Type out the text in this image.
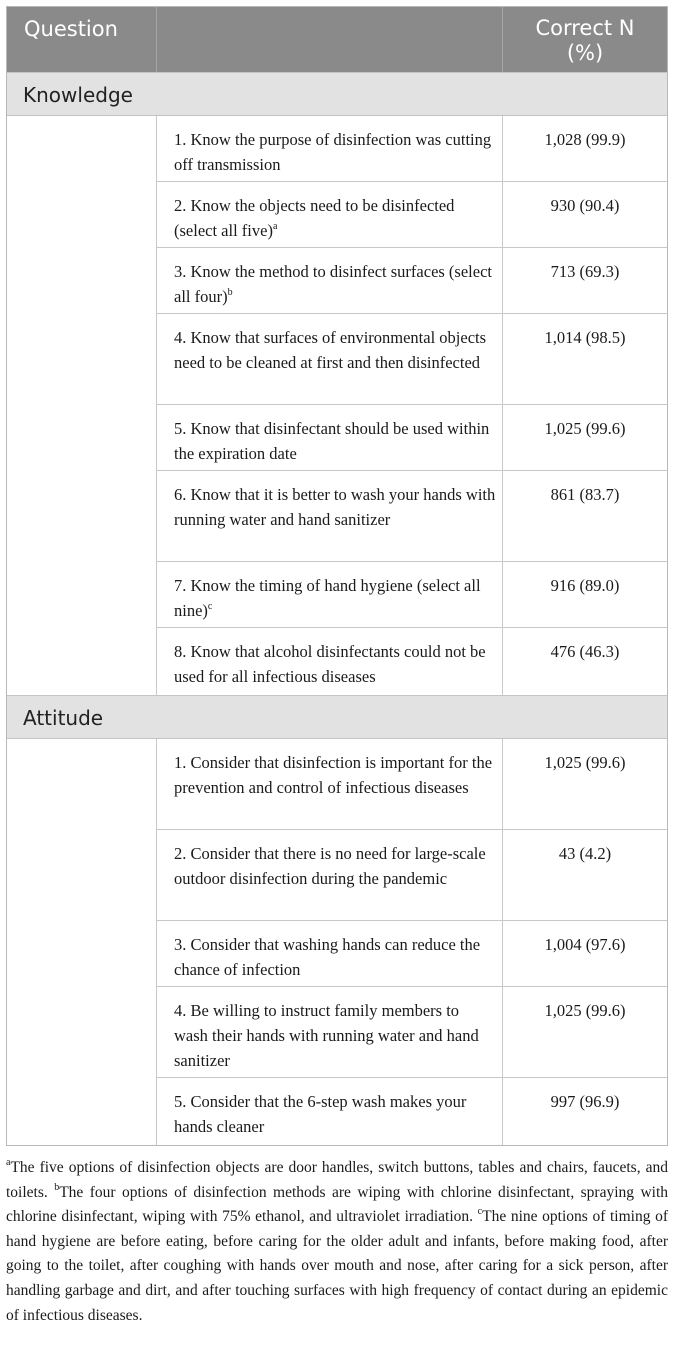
Question	Correct N
(%)
Knowledge
1. Know the purpose of disinfection was cutting off transmission
1,028 (99.9)
2. Know the objects need to be disinfected (select all five)$^a$
930 (90.4)
3. Know the method to disinfect surfaces (select all four)$^b$
713 (69.3)
4. Know that surfaces of environmental objects need to be cleaned at first and then disinfected
1,014 (98.5)
5. Know that disinfectant should be used within the expiration date
1,025 (99.6)
6. Know that it is better to wash your hands with running water and hand sanitizer
861 (83.7)
7. Know the timing of hand hygiene (select all nine)$^c$
916 (89.0)
8. Know that alcohol disinfectants could not be used for all infectious diseases
476 (46.3)
Attitude
1. Consider that disinfection is important for the prevention and control of infectious diseases
1,025 (99.6)
2. Consider that there is no need for large-scale outdoor disinfection during the pandemic
43 (4.2)
3. Consider that washing hands can reduce the chance of infection
1,004 (97.6)
4. Be willing to instruct family members to wash their hands with running water and hand sanitizer
1,025 (99.6)
5. Consider that the 6-step wash makes your hands cleaner
997 (96.9)
$^a$The five options of disinfection objects are door handles, switch buttons, tables and chairs, faucets, and toilets. $^b$The four options of disinfection methods are wiping with chlorine disinfectant, spraying with chlorine disinfectant, wiping with 75% ethanol, and ultraviolet irradiation. $^c$The nine options of timing of hand hygiene are before eating, before caring for the older adult and infants, before making food, after going to the toilet, after coughing with hands over mouth and nose, after caring for a sick person, after handling garbage and dirt, and after touching surfaces with high frequency of contact during an epidemic of infectious diseases.
